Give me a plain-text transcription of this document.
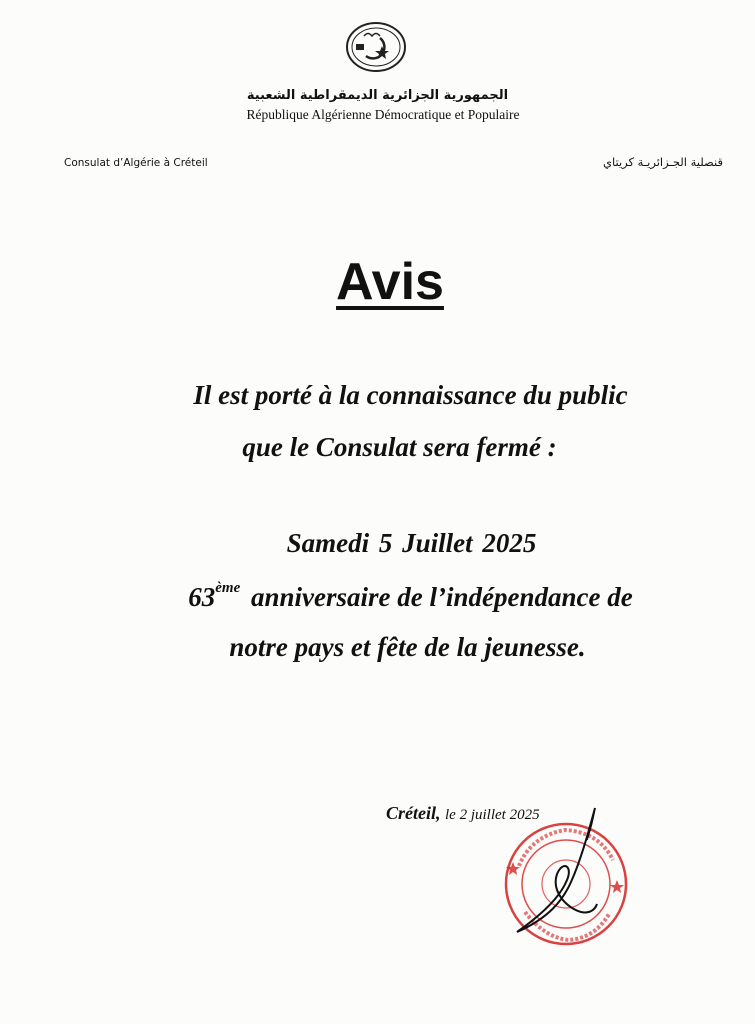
الجمهورية الجزائرية الديمقراطية الشعبية
République Algérienne Démocratique et Populaire
Consulat d’Algérie à Créteil	قنصلية الجـزائريـة كريتاي
Avis
Il est porté à la connaissance du public
que le Consulat sera fermé :
Samedi 5 Juillet 2025
63ème anniversaire de l’indépendance de
notre pays et fête de la jeunesse.
Créteil, le 2 juillet 2025
